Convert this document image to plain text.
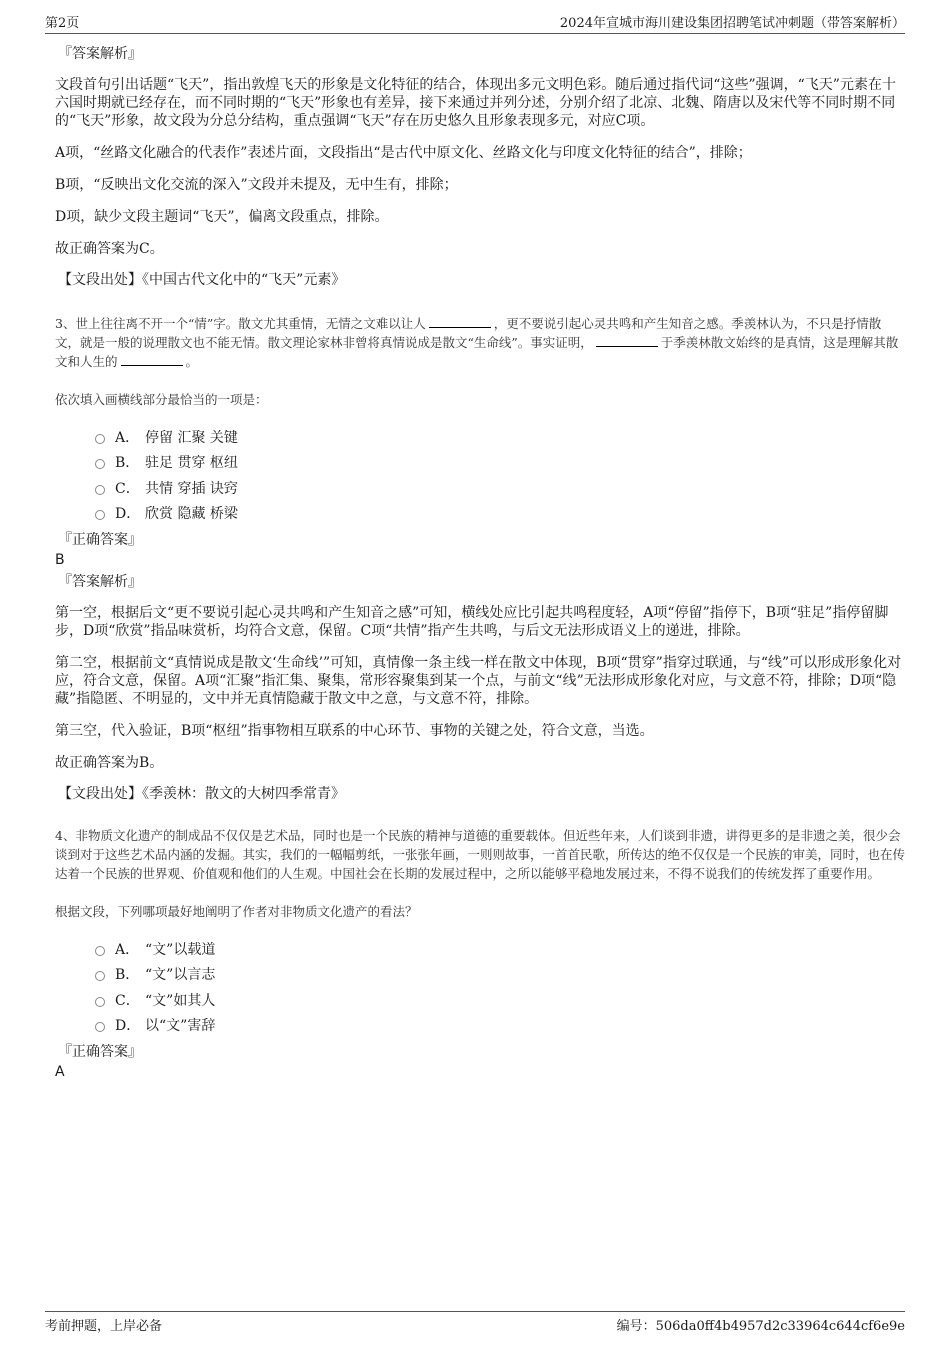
第2页	2024年宣城市海川建设集团招聘笔试冲刺题（带答案解析）
『答案解析』

文段首句引出话题“飞天”，指出敦煌飞天的形象是文化特征的结合，体现出多元文明色彩。随后通过指代词“这些”强调，“飞天”元素在十六国时期就已经存在，而不同时期的“飞天”形象也有差异，接下来通过并列分述，分别介绍了北凉、北魏、隋唐以及宋代等不同时期不同的“飞天”形象，故文段为分总分结构，重点强调“飞天”存在历史悠久且形象表现多元，对应C项。

A项，“丝路文化融合的代表作”表述片面，文段指出“是古代中原文化、丝路文化与印度文化特征的结合”，排除；

B项，“反映出文化交流的深入”文段并未提及，无中生有，排除；

D项，缺少文段主题词“飞天”，偏离文段重点，排除。

故正确答案为C。

【文段出处】《中国古代文化中的“飞天”元素》
3、世上往往离不开一个“情”字。散文尤其重情，无情之文难以让人	，更不要说引起心灵共鸣和产生知音之感。季羡林认为，不只是抒情散文，就是一般的说理散文也不能无情。散文理论家林非曾将真情说成是散文“生命线”。事实证明，	于季羡林散文始终的是真情，这是理解其散文和人生的	。
依次填入画横线部分最恰当的一项是：
A． 停留 汇聚 关键
B． 驻足 贯穿 枢纽
C． 共情 穿插 诀窍
D． 欣赏 隐藏 桥梁
『正确答案』
B
『答案解析』

第一空，根据后文“更不要说引起心灵共鸣和产生知音之感”可知，横线处应比引起共鸣程度轻，A项“停留”指停下，B项“驻足”指停留脚步，D项“欣赏”指品味赏析，均符合文意，保留。C项“共情”指产生共鸣，与后文无法形成语义上的递进，排除。

第二空，根据前文“真情说成是散文‘生命线’”可知，真情像一条主线一样在散文中体现，B项“贯穿”指穿过联通，与“线”可以形成形象化对应，符合文意，保留。A项“汇聚”指汇集、聚集，常形容聚集到某一个点，与前文“线”无法形成形象化对应，与文意不符，排除；D项“隐藏”指隐匿、不明显的，文中并无真情隐藏于散文中之意，与文意不符，排除。

第三空，代入验证，B项“枢纽”指事物相互联系的中心环节、事物的关键之处，符合文意，当选。

故正确答案为B。

【文段出处】《季羡林：散文的大树四季常青》
4、非物质文化遗产的制成品不仅仅是艺术品，同时也是一个民族的精神与道德的重要载体。但近些年来，人们谈到非遗，讲得更多的是非遗之美，很少会谈到对于这些艺术品内涵的发掘。其实，我们的一幅幅剪纸，一张张年画，一则则故事，一首首民歌，所传达的绝不仅仅是一个民族的审美，同时，也在传达着一个民族的世界观、价值观和他们的人生观。中国社会在长期的发展过程中，之所以能够平稳地发展过来，不得不说我们的传统发挥了重要作用。
根据文段，下列哪项最好地阐明了作者对非物质文化遗产的看法？
A． “文”以载道
B． “文”以言志
C． “文”如其人
D． 以“文”害辞
『正确答案』
A
考前押题，上岸必备	编号：506da0ff4b4957d2c33964c644cf6e9e
